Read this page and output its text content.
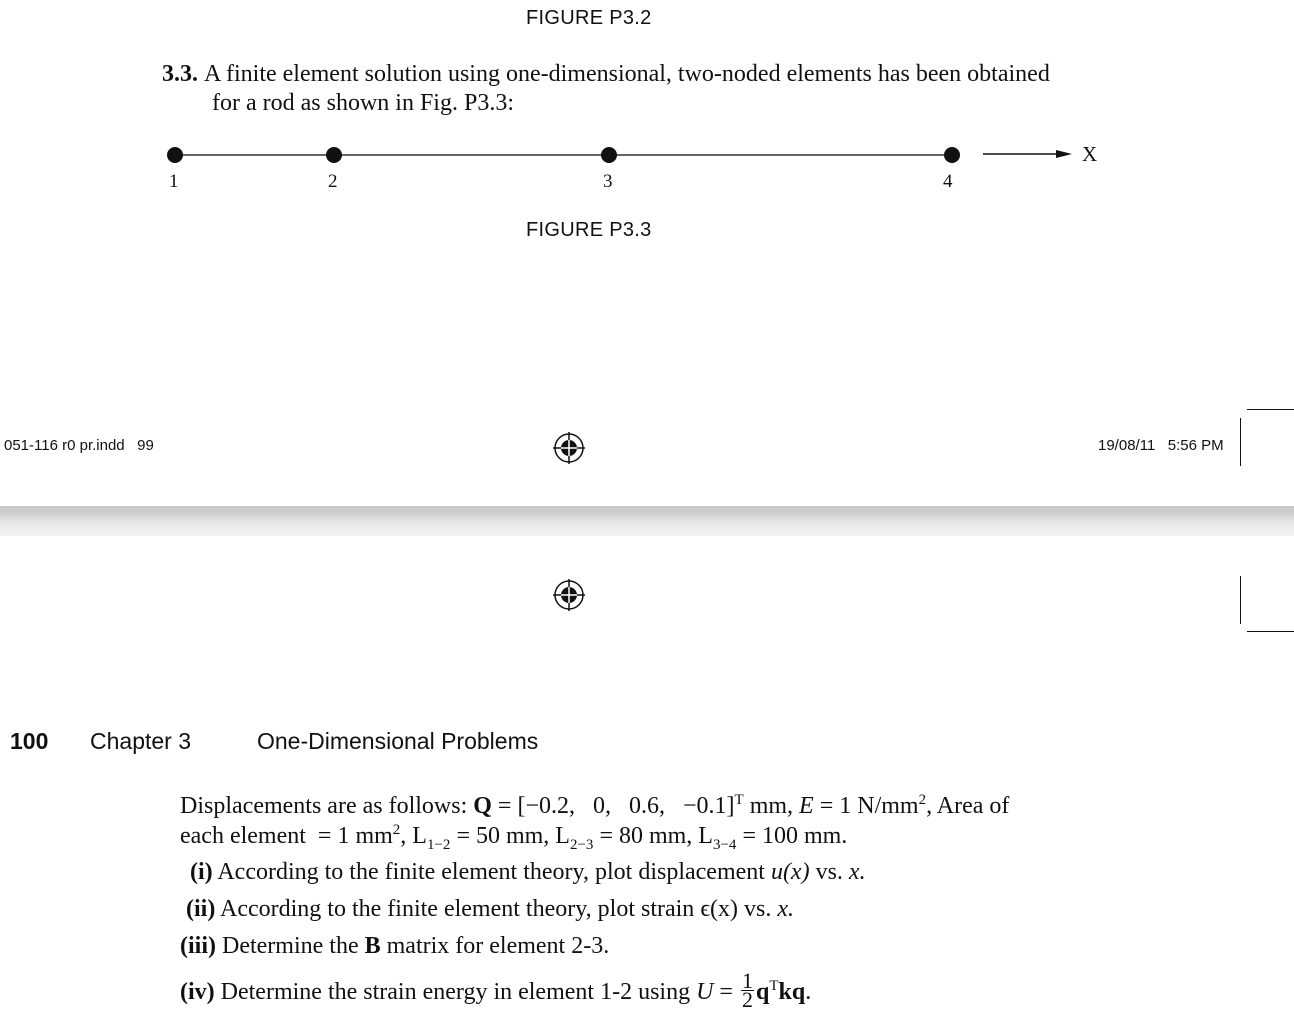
FIGURE P3.2
3.3. A finite element solution using one-dimensional, two-noded elements has been obtained
for a rod as shown in Fig. P3.3:
1	2	3	4
X
FIGURE P3.3
051-116 r0 pr.indd   99	19/08/11   5:56 PM
100 Chapter 3	One-Dimensional Problems
Displacements are as follows: Q = [−0.2,   0,   0.6,   −0.1]$^T$ mm, E = 1 $N/mm^2$, Area of
each element  = 1 $mm^2$, $L_{1-2} = 50$ mm, $L_{2-3} = 80$ mm, $L_{3-4} = 100$ mm.
(i) According to the finite element theory, plot displacement u(x) vs. x.
(ii) According to the finite element theory, plot strain ϵ(x) vs. x.
(iii) Determine the B matrix for element 2-3.
(iv) Determine the strain energy in element 1-2 using $U = \frac{1}{2} q^Tkq$.
